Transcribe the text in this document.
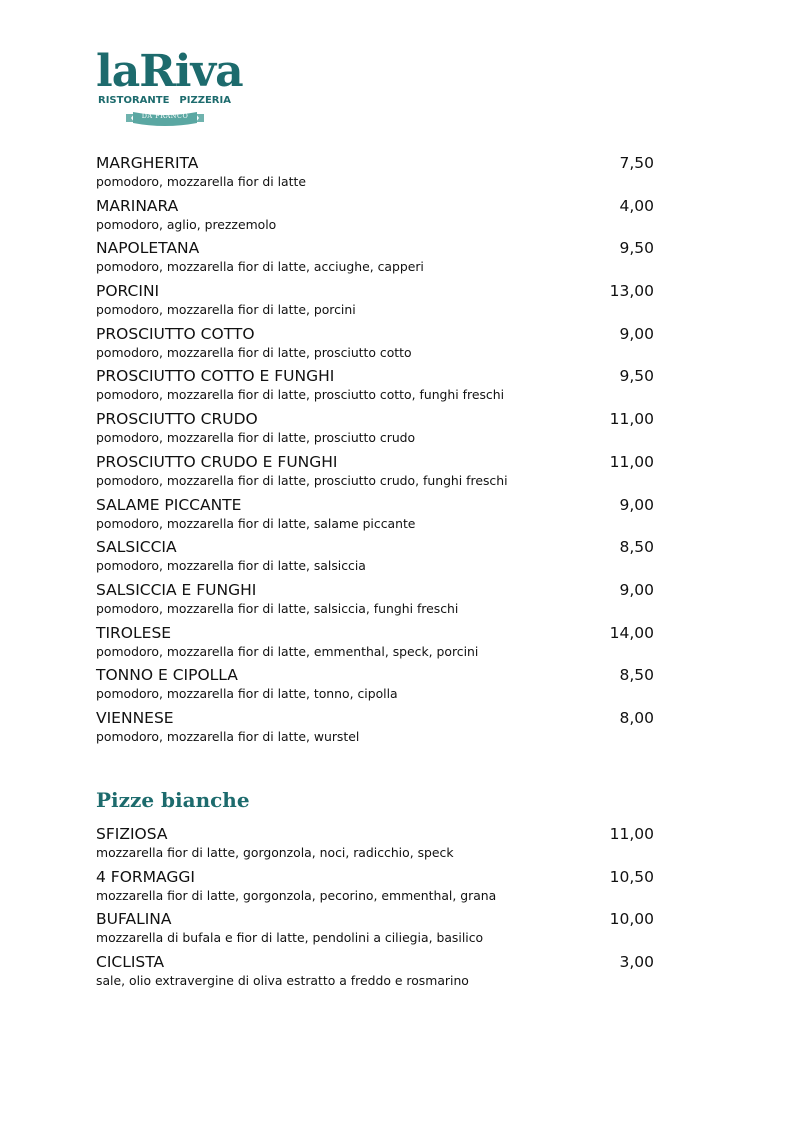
laRiva
RISTORANTE PIZZERIA
DA FRANCO
MARGHERITA	7,50
pomodoro, mozzarella fior di latte
MARINARA	4,00
pomodoro, aglio, prezzemolo
NAPOLETANA	9,50
pomodoro, mozzarella fior di latte, acciughe, capperi
PORCINI	13,00
pomodoro, mozzarella fior di latte, porcini
PROSCIUTTO COTTO	9,00
pomodoro, mozzarella fior di latte, prosciutto cotto
PROSCIUTTO COTTO E FUNGHI	9,50
pomodoro, mozzarella fior di latte, prosciutto cotto, funghi freschi
PROSCIUTTO CRUDO	11,00
pomodoro, mozzarella fior di latte, prosciutto crudo
PROSCIUTTO CRUDO E FUNGHI	11,00
pomodoro, mozzarella fior di latte, prosciutto crudo, funghi freschi
SALAME PICCANTE	9,00
pomodoro, mozzarella fior di latte, salame piccante
SALSICCIA	8,50
pomodoro, mozzarella fior di latte, salsiccia
SALSICCIA E FUNGHI	9,00
pomodoro, mozzarella fior di latte, salsiccia, funghi freschi
TIROLESE	14,00
pomodoro, mozzarella fior di latte, emmenthal, speck, porcini
TONNO E CIPOLLA	8,50
pomodoro, mozzarella fior di latte, tonno, cipolla
VIENNESE	8,00
pomodoro, mozzarella fior di latte, wurstel
Pizze bianche
SFIZIOSA	11,00
mozzarella fior di latte, gorgonzola, noci, radicchio, speck
4 FORMAGGI	10,50
mozzarella fior di latte, gorgonzola, pecorino, emmenthal, grana
BUFALINA	10,00
mozzarella di bufala e fior di latte, pendolini a ciliegia, basilico
CICLISTA	3,00
sale, olio extravergine di oliva estratto a freddo e rosmarino
